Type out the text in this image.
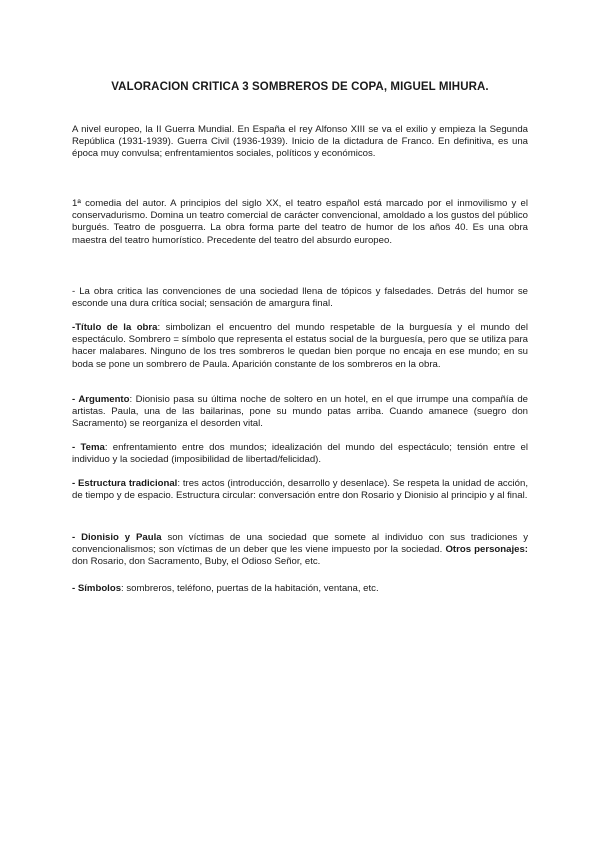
VALORACION CRITICA 3 SOMBREROS DE COPA, MIGUEL MIHURA.

A nivel europeo, la II Guerra Mundial. En España el rey Alfonso XIII se va el exilio y empieza la Segunda República (1931-1939). Guerra Civil (1936-1939). Inicio de la dictadura de Franco. En definitiva, es una época muy convulsa; enfrentamientos sociales, políticos y económicos.

1ª comedia del autor. A principios del siglo XX, el teatro español está marcado por el inmovilismo y el conservadurismo. Domina un teatro comercial de carácter convencional, amoldado a los gustos del público burgués. Teatro de posguerra. La obra forma parte del teatro de humor de los años 40. Es una obra maestra del teatro humorístico. Precedente del teatro del absurdo europeo.

- La obra critica las convenciones de una sociedad llena de tópicos y falsedades. Detrás del humor se esconde una dura crítica social; sensación de amargura final.

-Título de la obra: simbolizan el encuentro del mundo respetable de la burguesía y el mundo del espectáculo. Sombrero = símbolo que representa el estatus social de la burguesía, pero que se utiliza para hacer malabares. Ninguno de los tres sombreros le quedan bien porque no encaja en ese mundo; en su boda se pone un sombrero de Paula. Aparición constante de los sombreros en la obra.

- Argumento: Dionisio pasa su última noche de soltero en un hotel, en el que irrumpe una compañía de artistas. Paula, una de las bailarinas, pone su mundo patas arriba. Cuando amanece (suegro don Sacramento) se reorganiza el desorden vital.

- Tema: enfrentamiento entre dos mundos; idealización del mundo del espectáculo; tensión entre el individuo y la sociedad (imposibilidad de libertad/felicidad).

- Estructura tradicional: tres actos (introducción, desarrollo y desenlace). Se respeta la unidad de acción, de tiempo y de espacio. Estructura circular: conversación entre don Rosario y Dionisio al principio y al final.

- Dionisio y Paula son víctimas de una sociedad que somete al individuo con sus tradiciones y convencionalismos; son víctimas de un deber que les viene impuesto por la sociedad. Otros personajes: don Rosario, don Sacramento, Buby, el Odioso Señor, etc.

- Símbolos: sombreros, teléfono, puertas de la habitación, ventana, etc.
